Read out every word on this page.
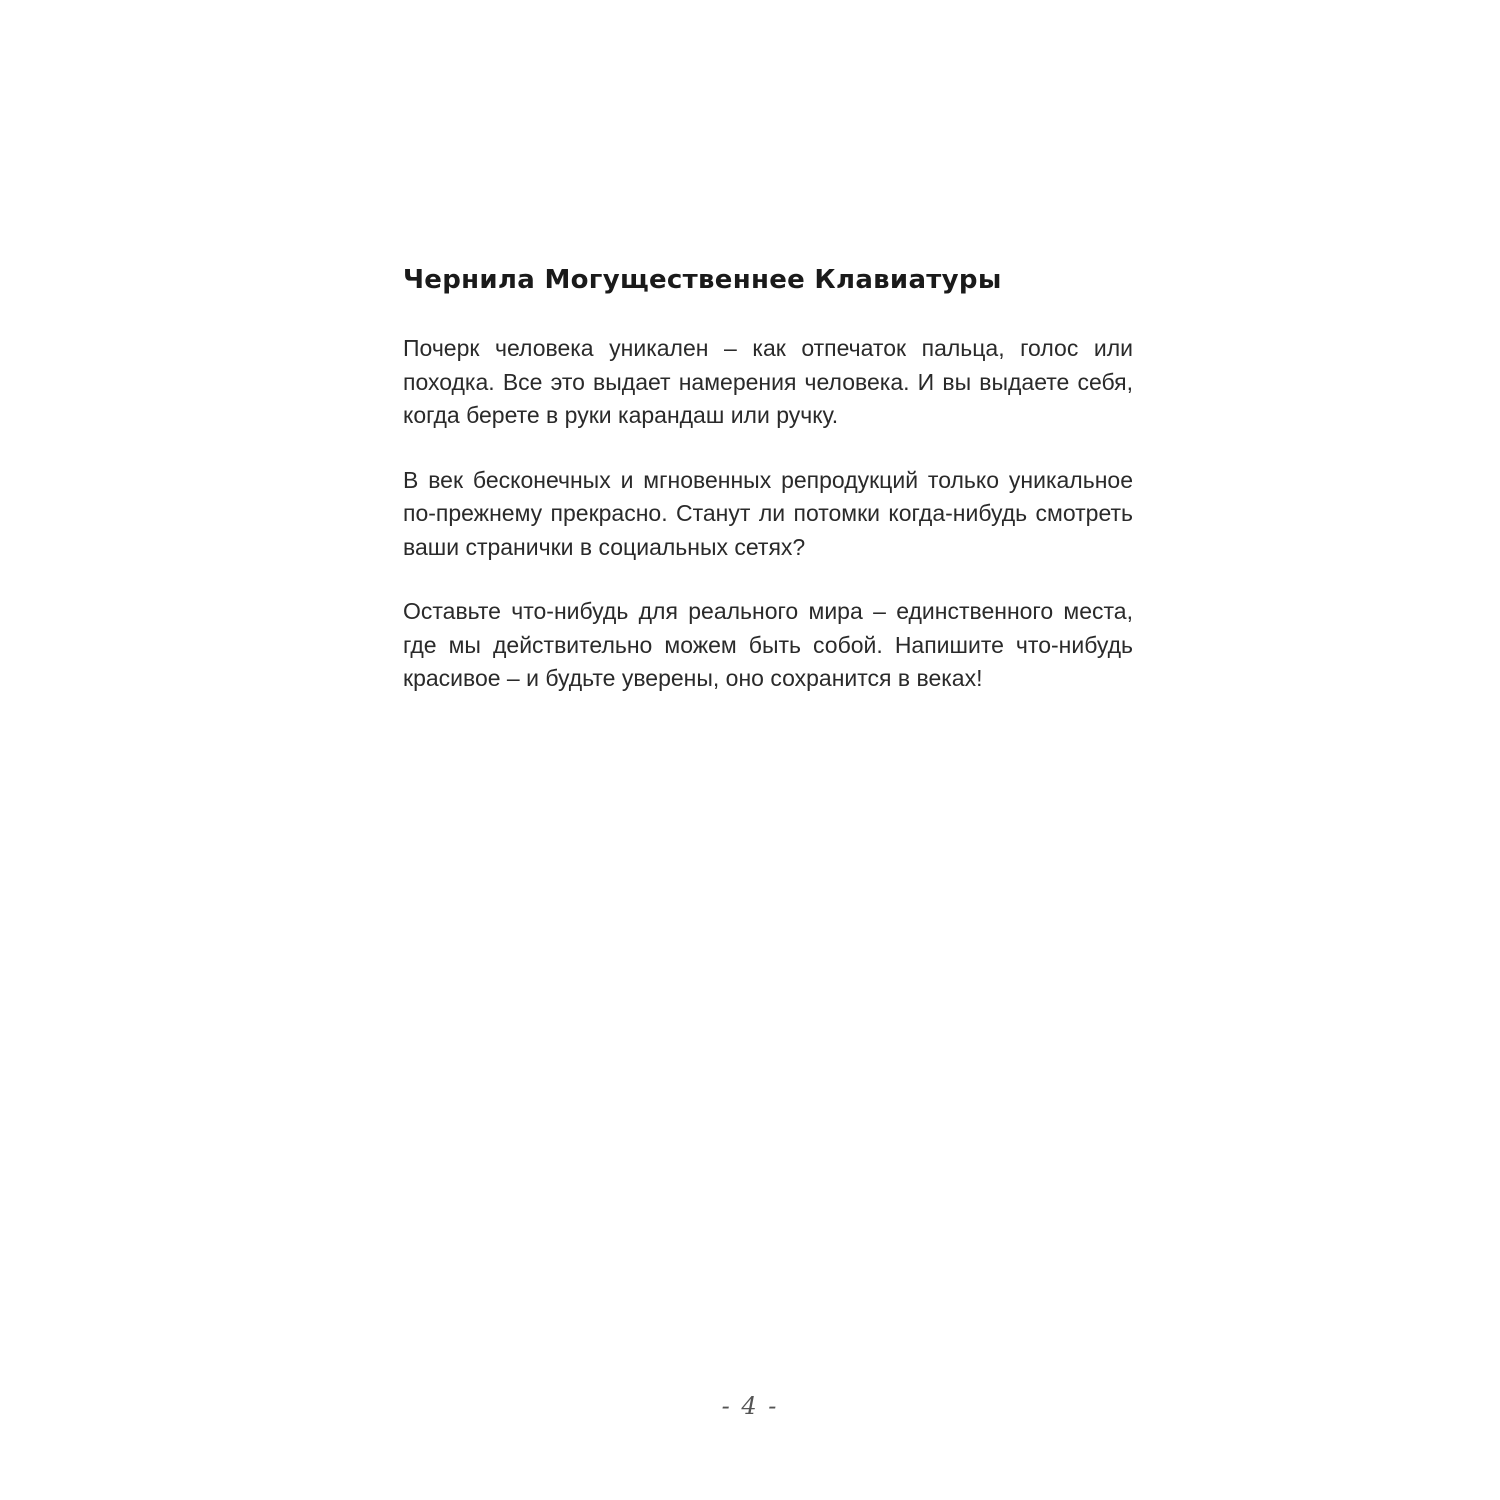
Чернила Могущественнее Клавиатуры

Почерк человека уникален – как отпечаток пальца, голос или походка. Все это выдает намерения человека. И вы выдаете себя, когда берете в руки карандаш или ручку.

В век бесконечных и мгновенных репродукций только уникальное по-прежнему прекрасно. Станут ли потомки когда-нибудь смотреть ваши странички в социальных сетях?

Оставьте что-нибудь для реального мира – единственного места, где мы действительно можем быть собой. Напишите что-нибудь красивое – и будьте уверены, оно сохранится в веках!

- 4 -
